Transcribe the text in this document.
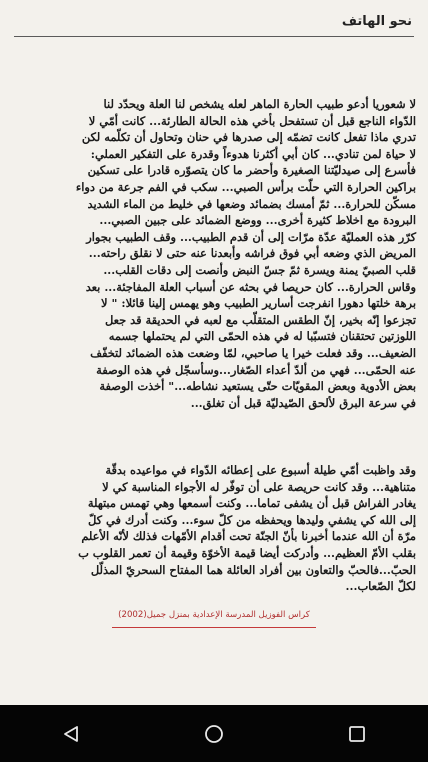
نحو الهاتف
لا شعوريا أدعو طبيب الحارة الماهر لعله يشخص لنا العلة ويحدّد لنا
الدّواء الناجع قبل أن تستفحل بأخي هذه الحالة الطارئة... كانت أمّي لا
تدري ماذا تفعل كانت تضمّه إلى صدرها في حنان وتحاول أن تكلّمه لكن
لا حياة لمن تنادي... كان أبي أكثرنا هدوءاً وقدرة على التفكير العملي:
فأسرع إلى صيدليّتنا الصغيرة وأحضر ما كان يتصوّره قادرا على تسكين
براكين الحرارة التي حلّت برأس الصبي... سكب في الفم جرعة من دواء
مسكّن للحرارة... ثمّ أمسك بضمائد وضعها في خليط من الماء الشديد
البرودة مع اخلاط كثيرة أخرى... ووضع الضمائد على جبين الصبي...
كرّر هذه العمليّة عدّة مرّات إلى أن قدم الطبيب... وقف الطبيب بجوار
المريض الذي وضعه أبي فوق فراشه وأبعدنا عنه حتى لا نقلق راحته...
قلب الصبيّ يمنة ويسرة ثمّ جسّ النبض وأنصت إلى دقات القلب...
وقاس الحرارة... كان حريصا في بحثه عن أسباب العلة المفاجئة... بعد
برهة خلتها دهورا انفرجت أسارير الطبيب وهو يهمس إلينا قائلا: " لا
تجزعوا إنّه بخير، إنّ الطقس المتقلّب مع لعبه في الحديقة قد جعل
اللوزتين تحتقنان فتسبّبا له في هذه الحمّى التي لم يحتملها جسمه
الضعيف... وقد فعلت خيرا يا صاحبي، لمّا وضعت هذه الضمائد لتخفّف
عنه الحمّى... فهي من ألدّ أعداء الصّغار...وسأسجّل في هذه الوصفة
بعض الأدوية وبعض المقويّات حتّى يستعيد نشاطه..." أخذت الوصفة
في سرعة البرق لألحق الصّيدليّة قبل أن تغلق...
وقد واظبت أمّي طيلة أسبوع على إعطائه الدّواء في مواعيده بدقّة
متناهية... وقد كانت حريصة على أن توفّر له الأجواء المناسبة كي لا
يغادر الفراش قبل أن يشفى تماما... وكنت أسمعها وهي تهمس مبتهلة
إلى الله كي يشفي وليدها ويحفظه من كلّ سوء... وكنت أدرك في كلّ
مرّة أن الله عندما أخبرنا بأنّ الجنّة تحت أقدام الأمّهات فذلك لأنّه الأعلم
بقلب الأمّ العظيم... وأدركت أيضا قيمة الأخوّة وقيمة أن تعمر القلوب ب
الحبّ...فالحبّ والتعاون بين أفراد العائلة هما المفتاح السحريّ المذلّل
لكلّ الصّعاب...
كراس الفوزيل المدرسة الإعدادية بمنزل جميل(2002)
